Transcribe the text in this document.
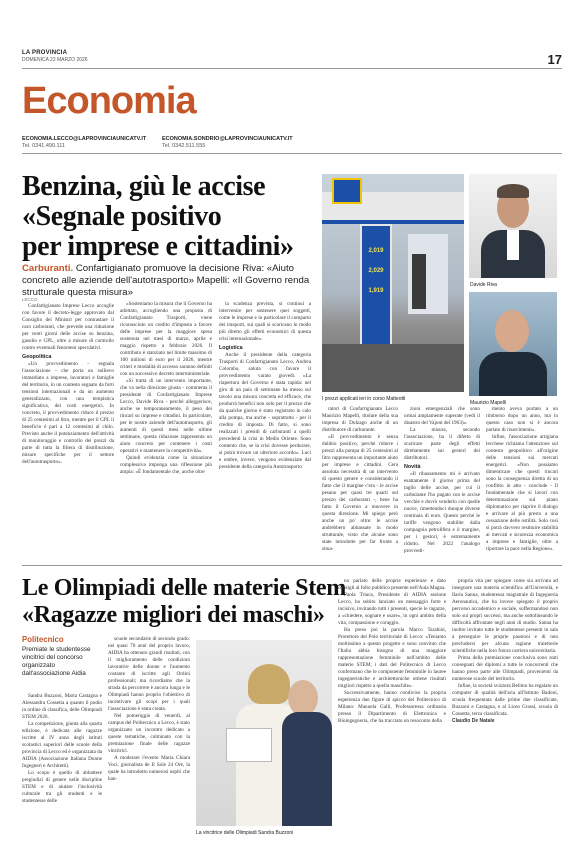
LA PROVINCIA
DOMENICA 22 MARZO 2026	17
Economia
ECONOMIA.LECCO@LAPROVINCIAUNICATV.IT
Tel. 0341.490.111
ECONOMIA.SONDRIO@LAPROVINCIAUNICATV.IT
Tel. 0342.511.555
Benzina, giù le accise
«Segnale positivo
per imprese e cittadini»
Carburanti. Confartigianato promuove la decisione Riva: «Aiuto concreto alle aziende dell'autotrasporto» Mapelli: «Il Governo renda strutturale questa misura»
2,019
2,029
1,919
I prezzi applicati ieri in corso Matteotti
Davide Riva
Maurizio Mapelli

LECCO

Confartigianato Imprese Lecco accoglie con favore il decreto-legge approvato dal Consiglio dei Ministri per contrastare il caro carburanti, che prevede una riduzione per venti giorni delle accise su benzina, gasolio e GPL, oltre a misure di controllo contro eventuali fenomeni speculativi.

Geopolitica

«Un provvedimento - segnala l'associazione - che porta un sollievo immediato a imprese, lavoratori e famiglie del territorio, in un contesto segnato da forti tensioni internazionali e da un aumento generalizzato, con una tempistica significativa, dei costi energetici. In concreto, il provvedimento riduce il prezzo di 25 centesimi al litro, mentre per il GPL il beneficio è pari a 12 centesimi al chilo. Previsto anche il potenziamento dell'attività di monitoraggio e controllo dei prezzi da parte di tutta la filiera di distribuzione, misure specifiche per il settore dell'autotrasporto».

«Sosteniamo la misura che il Governo ha adottato, accogliendo una proposta di Confartigianato Trasporti, viene riconosciuto un credito d'imposta a favore delle imprese per la maggiore spesa sostenuta nei mesi di marzo, aprile e maggio rispetto a febbraio 2026. Il contributo è stanziato nel limite massimo di 100 milioni di euro per il 2026, mentre criteri e modalità di accesso saranno definiti con un successivo decreto interministeriale.

«Si tratta di un intervento importante, che va nella direzione giusta - commenta il presidente di Confartigianato Imprese Lecco, Davide Riva - perché alleggerisce, anche se temporaneamente, il peso dei rincari su imprese e cittadini. In particolare, per le nostre aziende dell'autotrasporto, gli aumenti di questi mesi nelle ultime settimane, questa riduzione rappresenta un aiuto concreto per contenere i costi operativi e mantenere la competitività».

Quindi evidenzia come la situazione complessiva imponga una riflessione più ampia: «È fondamentale che, anche oltre

la scadenza prevista, si continui a intervenire per sostenere quei soggetti, come le imprese e in particolare il comparto dei trasporti, sui quali si scaricano in modo più diretto gli effetti economici di questa crisi internazionale».

Logistica

Anche il presidente della categoria Trasporti di Confartigianato Lecco, Andrea Colombo, saluta con favore il provvedimento varato giovedì. «La riapertura del Governo è stata rapida: nel giro di un paio di settimane ha messo sul tavolo una misura concreta ed efficace, che produrrà benefici non solo per il prezzo che da qualche giorno è stato registrato in calo alla pompa, ma anche - soprattutto - per il credito di imposta. Di fatto, si sono realizzati i presidi di carburanti a quelli precedenti la crisi in Medio Oriente. Sono contento che, se la crisi dovesse perdurare, si potrà trovare un ulteriore accordo». Luci e ombre, invece, vengono evidenziate dal presidente della categoria Autotrasporto

ratori di Confartigianato Lecco Maurizio Mapelli, titolare della sua impresa di Dolzago anche di un distributore di carburante.

«Il provvedimento è senza dubbio positivo, perché ridurre i prezzi alla pompa di 25 centesimi al litro rappresenta un importante aiuto per imprese e cittadini. Cera assoluta necessità di un intervento di questo genere e considerando il fatto che il margine c'era - le accise pesano per quasi tre quarti sul prezzo dei carburanti -, bene ha fatto il Governo a muovere in questa direzione. Mi spiego però anche un po' oltre: le accise andrebbero abbassate in modo strutturale, visto che alcune sono state introdotte per far fronte a situa-

zioni emergenziali che sono ormai ampiamente superate (vedi il disastro del Vajont del 1963)».

La misura, secondo l'associazione, ha il difetto di scaricare parte degli effetti direttamente sui gestori dei distributori.

Novità

«Il ribassamento mi è arrivato esattamente il giorno prima del taglio delle accise, per cui il carburante l'ho pagato con le accise vecchie e dovrò venderlo con quelle nuove, rimettendoci dunque diverse centinaia di euro. Questo perché le tariffe vengono stabilite dalla compagnia petrolifera e il margine, per i gestori, è estremamente ridotto. Nel 2022 l'analogo provvedi-

mento aveva portato a un rimborso dopo un anno, ma in questo caso non si è ancora parlato di risarcimenti».

Infine, l'associazione artigiana lecchese richiama l'attenzione sul contesto geopolitico all'origine delle tensioni sui mercati energetici. «Non possiamo dimenticare che questi rincari sono la conseguenza diretta di un conflitto in atto - conclude - Il fondamentale che si lavori con determinazione sul piano diplomatico per riaprire il dialogo e arrivare al più presto a una cessazione delle ostilità. Solo così si potrà davvero restituire stabilità ai mercati e sicurezza economica a imprese e famiglie, oltre a riportare la pace nella Regione».

Le Olimpiadi delle materie Stem
«Ragazze migliori dei maschi»
Politecnico
Premiate le studentesse vincitrici del concorso organizzato dall'associazione Aidia
La vincitrice delle Olimpiadi Sandra Buzzoni

Sandra Buzzoni, Marta Castagna e Alessandra Cossetta a quanto il podio in ordine di classifica, delle Olimpiadi STEM 2026.

La competizione, giunta alla quarta edizione, è dedicata alle ragazze iscritte al IV anno degli istituti scolastici superiori delle scuole della provincia di Lecco ed è organizzata da AIDIA (Associazione Italiana Donne Ingegneri e Architetti).

Lo scopo è quello di abbattere pregiudizi di genere nelle discipline STEM e di aiutare l'inclusività culturale tra gli studenti e le studentesse delle

scuole secondarie di secondo grado: nei quasi 70 anni del proprio lavoro, AIDIA ha ottenuto grandi risultati, con il miglioramento delle condizioni lavorative delle donne e l'aumento costante di iscritte agli Ordini professionali; ma ricordiamo che la strada da percorrere è ancora lunga e le Olimpiadi hanno proprio l'obiettivo di incentivare gli scopi per i quali l'associazione è stata creata.

Nel pomeriggio di venerdì, al campus del Politecnico a Lecco, è stato organizzato un incontro dedicato a queste tematiche, culminato con la premiazione finale delle ragazze vincitrici.

A moderare l'evento Maria Chiara Voci, giornalista de Il Sole 24 Ore, la quale ha introdotto numerosi ospiti che han-

no parlato delle proprie esperienze e dato consigli al folto pubblico presente nell'Aula Magna.

Paola Triaca, Presidente di AIDIA sezione Lecco, ha subito lanciato un messaggio forte e incisivo, invitando tutti i presenti, specie le ragazze, a «chiedere, sognare e osare», in ogni ambito della vita, compassione e coraggio.

Ha preso poi la parola Marco Tarabini, Prorettore del Polo territoriale di Lecco: «Teniamo moltissimo a questo progetto e sono convinto che l'Italia abbia bisogno di una maggiore rappresentazione femminile nell'ambito delle materie STEM; i dati del Politecnico di Lecco confermano che le componente femminile in lauree ingegneristiche e architettoniche ottiene risultati migliori rispetto a quella maschile».

Successivamente, hanno condiviso la propria esperienza due figure di spicco del Politecnico di Milano: Manuela Galli, Professoressa ordinaria presso il Dipartimento di Elettronica e Bioingegneria, che ha tracciato un resoconto della

propria vita per spiegare come sia arrivata ad insegnare una materia scientifica all'Università, e Ilaria Sanna, studentessa magistrale di Ingegneria Aeronautica, che ha invece spiegato il proprio percorso accademico e sociale, soffermandosi non solo sui propri successi, ma anche sottolineando le difficoltà affrontate negli anni di studio. Sanna ha inoltre invitato tutte le studentesse presenti in sala a perseguire le proprie passioni e di non precludersi per alcuna ragione traiettorie scientifiche nella loro futura carriera universitaria.

Prima della premiazione conclusiva sono stati consegnati dei diplomi a tutte le concorrenti che hanno preso parte alle Olimpiadi, provenienti da numerose scuole del territorio.

Infine, la società svizzera Belimo ha regalato un computer di qualità dell'aria all'Istituto Badoni, scuola frequentata dalle prime due classificate, Buzzoni e Castagna, e al Liceo Grassi, scuola di Cossetta, terza classificata.

Claudio De Natale
